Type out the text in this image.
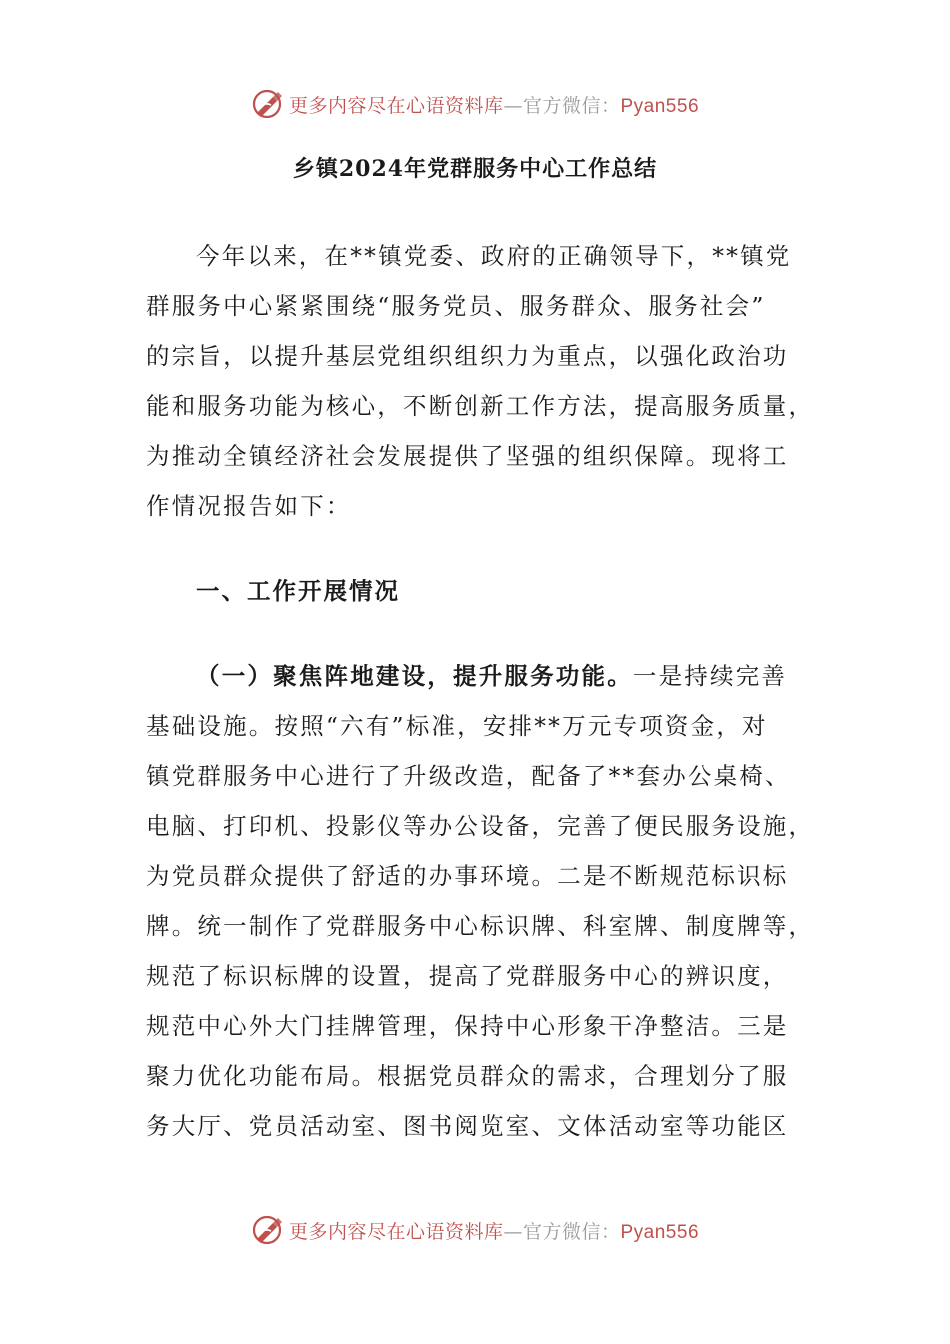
更多内容尽在心语资料库—官方微信：Pyan556
乡镇2024年党群服务中心工作总结
今年以来，在**镇党委、政府的正确领导下，**镇党
群服务中心紧紧围绕“服务党员、服务群众、服务社会”
的宗旨，以提升基层党组织组织力为重点，以强化政治功
能和服务功能为核心，不断创新工作方法，提高服务质量，
为推动全镇经济社会发展提供了坚强的组织保障。现将工
作情况报告如下：
一、工作开展情况
（一）聚焦阵地建设，提升服务功能。一是持续完善
基础设施。按照“六有”标准，安排**万元专项资金，对
镇党群服务中心进行了升级改造，配备了**套办公桌椅、
电脑、打印机、投影仪等办公设备，完善了便民服务设施，
为党员群众提供了舒适的办事环境。二是不断规范标识标
牌。统一制作了党群服务中心标识牌、科室牌、制度牌等，
规范了标识标牌的设置，提高了党群服务中心的辨识度，
规范中心外大门挂牌管理，保持中心形象干净整洁。三是
聚力优化功能布局。根据党员群众的需求，合理划分了服
务大厅、党员活动室、图书阅览室、文体活动室等功能区
更多内容尽在心语资料库—官方微信：Pyan556
